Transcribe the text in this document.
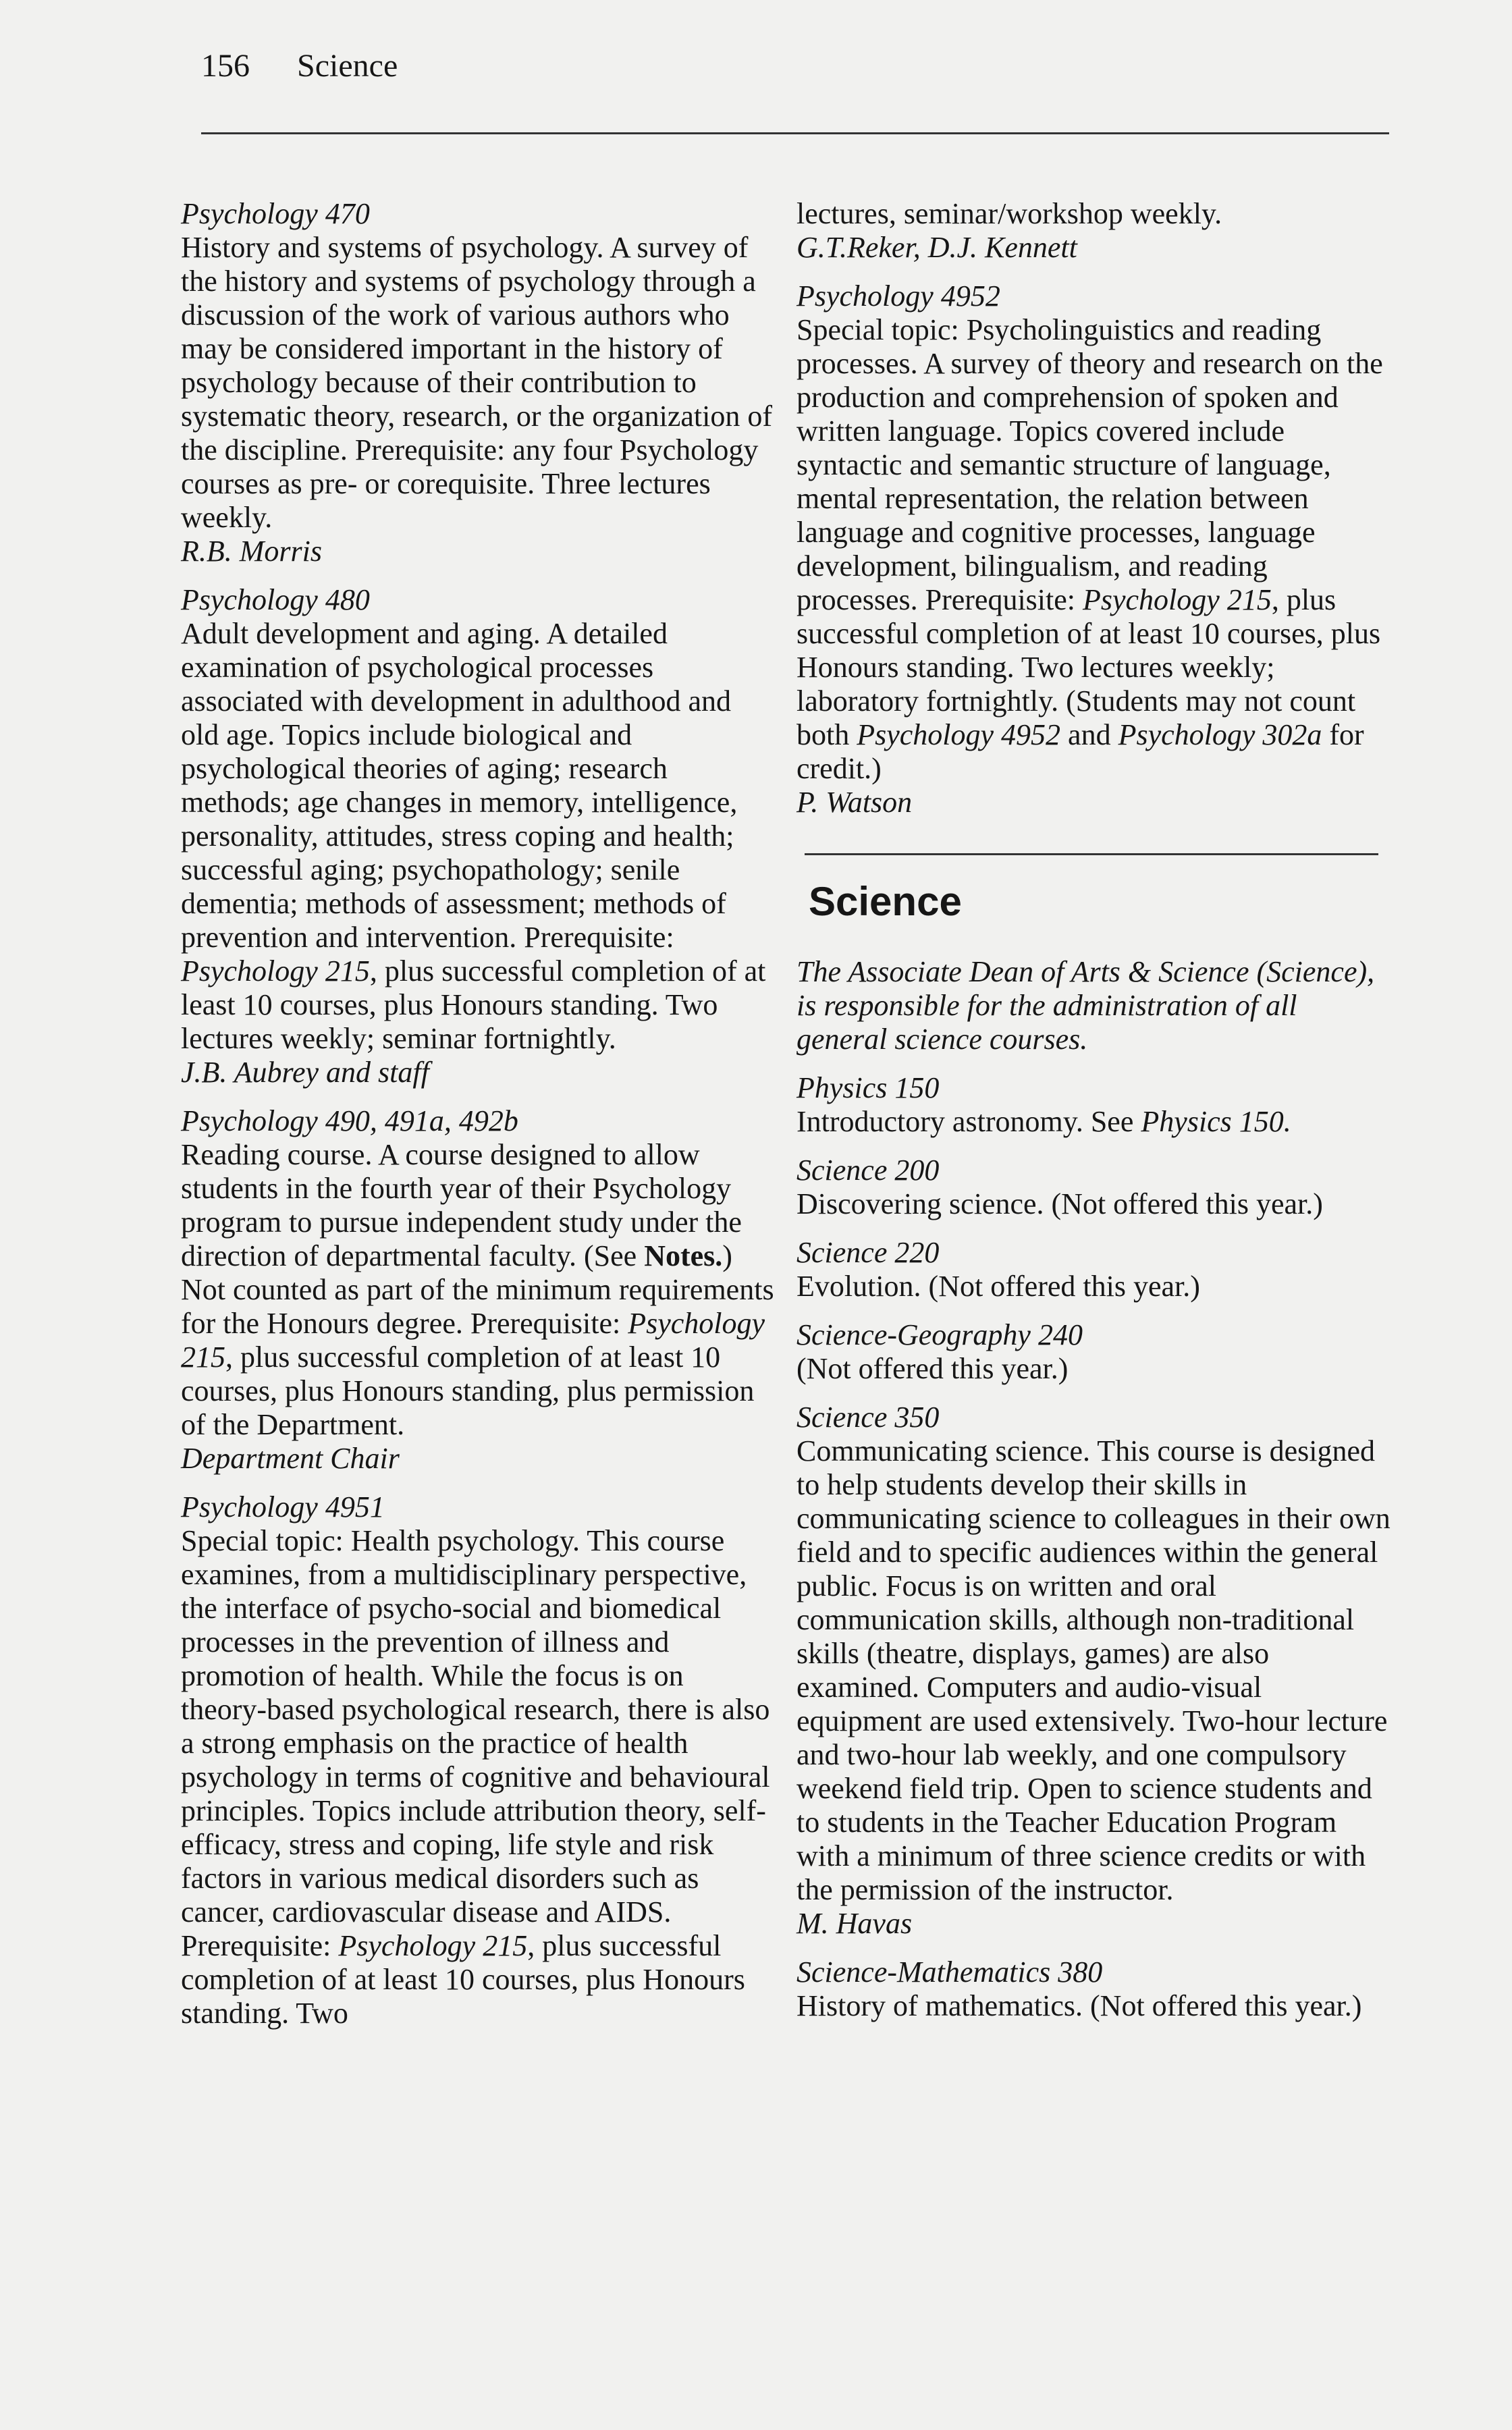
156 Science

Psychology 470

History and systems of psychology. A survey of the history and systems of psychology through a discussion of the work of various authors who may be considered important in the history of psychology because of their contribution to systematic theory, research, or the organization of the discipline. Prerequisite: any four Psychology courses as pre- or corequisite. Three lectures weekly.

R.B. Morris

Psychology 480

Adult development and aging. A detailed examination of psychological processes associated with development in adulthood and old age. Topics include biological and psychological theories of aging; research methods; age changes in memory, intelligence, personality, attitudes, stress coping and health; successful aging; psychopathology; senile dementia; methods of assessment; methods of prevention and intervention. Prerequisite: Psychology 215, plus successful completion of at least 10 courses, plus Honours standing. Two lectures weekly; seminar fortnightly.

J.B. Aubrey and staff

Psychology 490, 491a, 492b

Reading course. A course designed to allow students in the fourth year of their Psychology program to pursue independent study under the direction of departmental faculty. (See Notes.) Not counted as part of the minimum requirements for the Honours degree. Prerequisite: Psychology 215, plus successful completion of at least 10 courses, plus Honours standing, plus permission of the Department.

Department Chair

Psychology 4951

Special topic: Health psychology. This course examines, from a multidisciplinary perspective, the interface of psycho-social and biomedical processes in the prevention of illness and promotion of health. While the focus is on theory-based psychological research, there is also a strong emphasis on the practice of health psychology in terms of cognitive and behavioural principles. Topics include attribution theory, self-efficacy, stress and coping, life style and risk factors in various medical disorders such as cancer, cardiovascular disease and AIDS. Prerequisite: Psychology 215, plus successful completion of at least 10 courses, plus Honours standing. Two

lectures, seminar/workshop weekly.

G.T.Reker, D.J. Kennett

Psychology 4952

Special topic: Psycholinguistics and reading processes. A survey of theory and research on the production and comprehension of spoken and written language. Topics covered include syntactic and semantic structure of language, mental representation, the relation between language and cognitive processes, language development, bilingualism, and reading processes. Prerequisite: Psychology 215, plus successful completion of at least 10 courses, plus Honours standing. Two lectures weekly; laboratory fortnightly. (Students may not count both Psychology 4952 and Psychology 302a for credit.)

P. Watson

Science

The Associate Dean of Arts & Science (Science), is responsible for the administration of all general science courses.

Physics 150

Introductory astronomy. See Physics 150.

Science 200

Discovering science. (Not offered this year.)

Science 220

Evolution. (Not offered this year.)

Science-Geography 240

(Not offered this year.)

Science 350

Communicating science. This course is designed to help students develop their skills in communicating science to colleagues in their own field and to specific audiences within the general public. Focus is on written and oral communication skills, although non-traditional skills (theatre, displays, games) are also examined. Computers and audio-visual equipment are used extensively. Two-hour lecture and two-hour lab weekly, and one compulsory weekend field trip. Open to science students and to students in the Teacher Education Program with a minimum of three science credits or with the permission of the instructor.

M. Havas

Science-Mathematics 380

History of mathematics. (Not offered this year.)
